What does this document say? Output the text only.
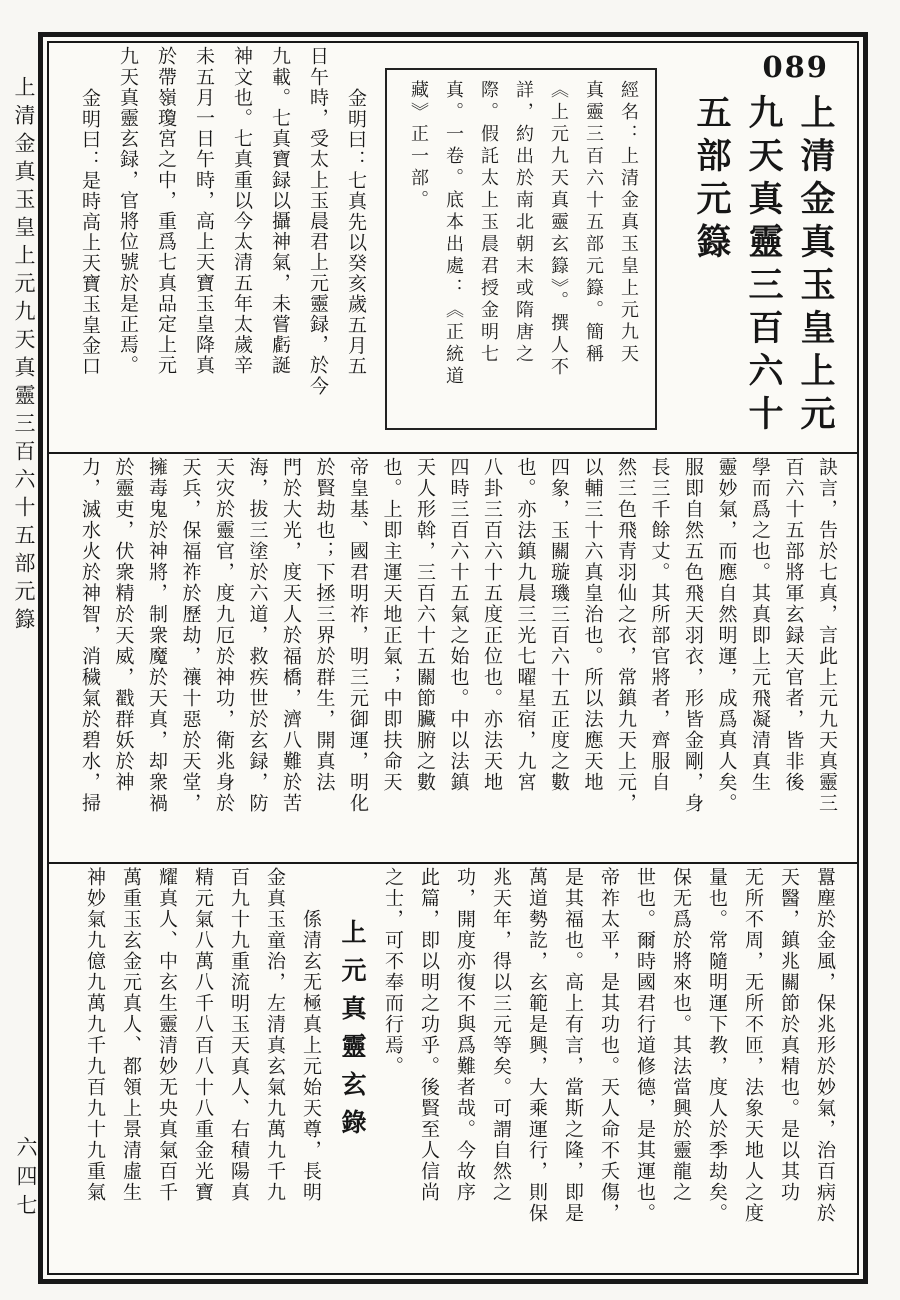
上清金真玉皇上元九天真靈三百六十五部元籙
六四七
089
上清金真玉皇上元
九天真靈三百六十
五部元籙
經名：上清金真玉皇上元九天
真靈三百六十五部元籙。簡稱
《上元九天真靈玄籙》。撰人不
詳，約出於南北朝末或隋唐之
際。假託太上玉晨君授金明七
真。一卷。底本出處：《正統道
藏》正一部。
金明曰：七真先以癸亥歲五月五
日午時，受太上玉晨君上元靈録，於今
九載。七真寶録以攝神氣，未嘗虧誕
神文也。七真重以今太清五年太歲辛
未五月一日午時，高上天寶玉皇降真
於帶嶺瓊宮之中，重爲七真品定上元
九天真靈玄録，官將位號於是正焉。
金明曰：是時高上天寶玉皇金口
訣言，告於七真，言此上元九天真靈三
百六十五部將軍玄録天官者，皆非後
學而爲之也。其真即上元飛凝清真生
靈妙氣，而應自然明運，成爲真人矣。
服即自然五色飛天羽衣，形皆金剛，身
長三千餘丈。其所部官將者，齊服自
然三色飛青羽仙之衣，常鎮九天上元，
以輔三十六真皇治也。所以法應天地
四象，玉關璇璣三百六十五正度之數
也。亦法鎮九晨三光七曜星宿，九宮
八卦三百六十五度正位也。亦法天地
四時三百六十五氣之始也。中以法鎮
天人形斡，三百六十五關節臟腑之數
也。上即主運天地正氣；中即扶命天
帝皇基、國君明祚，明三元御運，明化
於賢劫也；下拯三界於群生，開真法
門於大光，度天人於福橋，濟八難於苦
海，拔三塗於六道，救疾世於玄録，防
天灾於靈官，度九厄於神功，衛兆身於
天兵，保福祚於歷劫，禳十惡於天堂，
擁毒鬼於神將，制衆魔於天真，却衆禍
於靈吏，伏衆精於天威，戳群妖於神
力，滅水火於神智，消穢氣於碧水，掃
囂塵於金風，保兆形於妙氣，治百病於
天醫，鎮兆關節於真精也。是以其功
无所不周，无所不匝，法象天地人之度
量也。常隨明運下教，度人於季劫矣。
保无爲於將來也。其法當興於靈龍之
世也。爾時國君行道修德，是其運也。
帝祚太平，是其功也。天人命不夭傷，
是其福也。高上有言，當斯之隆，即是
萬道勢訖，玄範是興，大乘運行，則保
兆天年，得以三元等矣。可謂自然之
功，開度亦復不與爲難者哉。今故序
此篇，即以明之功乎。後賢至人信尚
之士，可不奉而行焉。
上元真靈玄錄
係清玄无極真上元始天尊，長明
金真玉童治，左清真玄氣九萬九千九
百九十九重流明玉天真人、右積陽真
精元氣八萬八千八百八十八重金光寶
耀真人、中玄生靈清妙无央真氣百千
萬重玉玄金元真人、都領上景清虛生
神妙氣九億九萬九千九百九十九重氣
